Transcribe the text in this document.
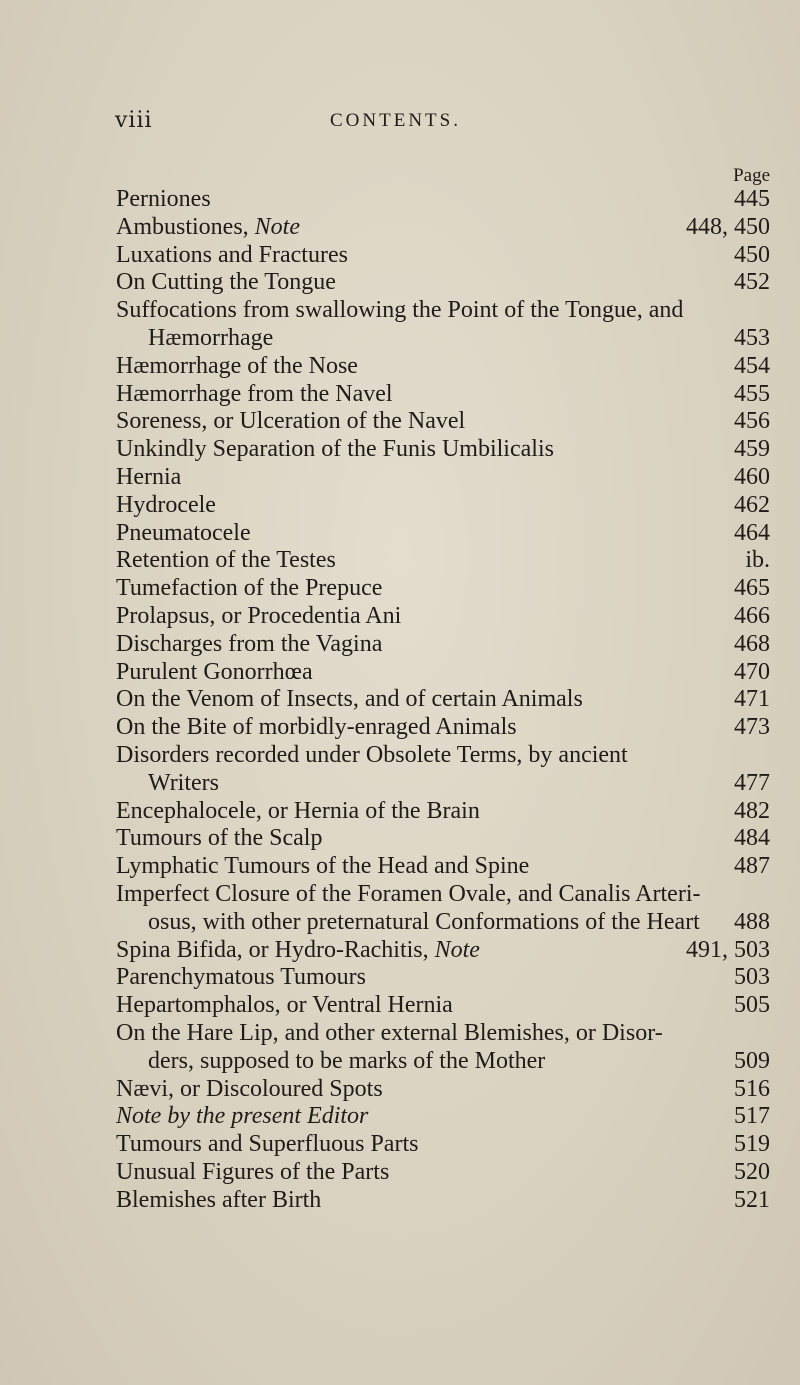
viii	CONTENTS.
Page
Perniones	445
Ambustiones, Note	448, 450
Luxations and Fractures	450
On Cutting the Tongue	452
Suffocations from swallowing the Point of the Tongue, and
Hæmorrhage	453
Hæmorrhage of the Nose	454
Hæmorrhage from the Navel	455
Soreness, or Ulceration of the Navel	456
Unkindly Separation of the Funis Umbilicalis	459
Hernia	460
Hydrocele	462
Pneumatocele	464
Retention of the Testes	ib.
Tumefaction of the Prepuce	465
Prolapsus, or Procedentia Ani	466
Discharges from the Vagina	468
Purulent Gonorrhœa	470
On the Venom of Insects, and of certain Animals	471
On the Bite of morbidly-enraged Animals	473
Disorders recorded under Obsolete Terms, by ancient
Writers	477
Encephalocele, or Hernia of the Brain	482
Tumours of the Scalp	484
Lymphatic Tumours of the Head and Spine	487
Imperfect Closure of the Foramen Ovale, and Canalis Arteri-
osus, with other preternatural Conformations of the Heart	488
Spina Bifida, or Hydro-Rachitis, Note	491, 503
Parenchymatous Tumours	503
Hepartomphalos, or Ventral Hernia	505
On the Hare Lip, and other external Blemishes, or Disor-
ders, supposed to be marks of the Mother	509
Nævi, or Discoloured Spots	516
Note by the present Editor	517
Tumours and Superfluous Parts	519
Unusual Figures of the Parts	520
Blemishes after Birth	521
